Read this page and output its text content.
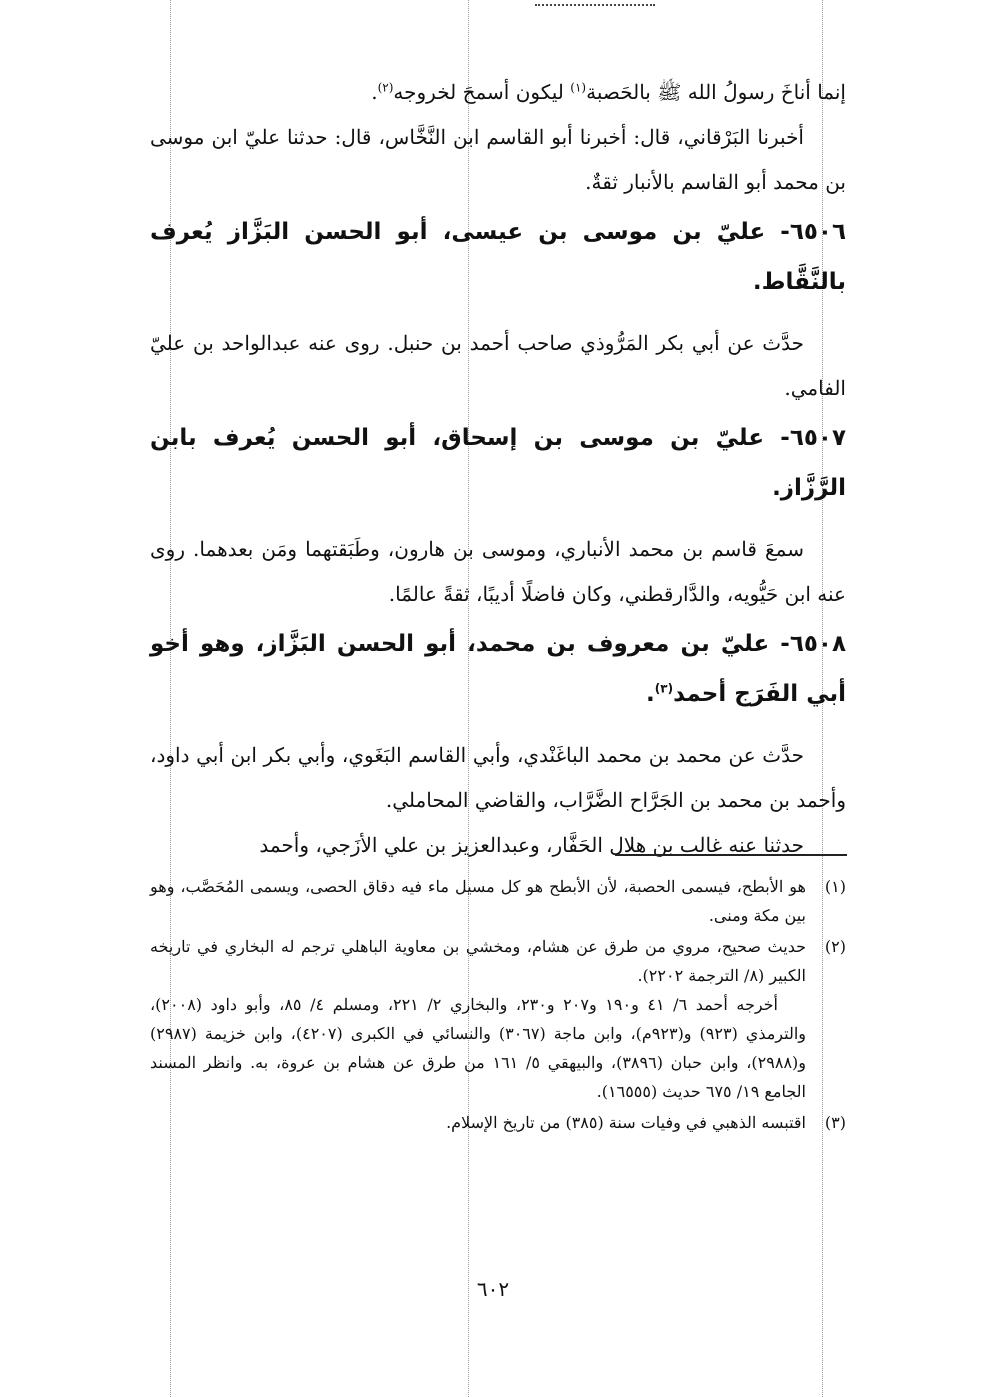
إنما أناخَ رسولُ الله ﷺ بالحَصبة$^{(١)}$ ليكون أسمحَ لخروجه$^{(٢)}$.

أخبرنا البَرْقاني، قال: أخبرنا أبو القاسم ابن النَّخَّاس، قال: حدثنا عليّ ابن موسى بن محمد أبو القاسم بالأنبار ثقةٌ.

٦٥٠٦- عليّ بن موسى بن عيسى، أبو الحسن البَزَّاز يُعرف بالنَّقَّاط.

حدَّث عن أبي بكر المَرُّوذي صاحب أحمد بن حنبل. روى عنه عبدالواحد بن عليّ الفامي.

٦٥٠٧- عليّ بن موسى بن إسحاق، أبو الحسن يُعرف بابن الرَّزَّاز.

سمعَ قاسم بن محمد الأنباري، وموسى بن هارون، وطَبَقتهما ومَن بعدهما. روى عنه ابن حَيُّويه، والدَّارقطني، وكان فاضلًا أديبًا، ثقةً عالمًا.

٦٥٠٨- عليّ بن معروف بن محمد، أبو الحسن البَزَّاز، وهو أخو أبي الفَرَج أحمد$^{(٣)}$.

حدَّث عن محمد بن محمد الباغَنْدي، وأبي القاسم البَغَوي، وأبي بكر ابن أبي داود، وأحمد بن محمد بن الجَرَّاح الضَّرَّاب، والقاضي المحاملي.

حدثنا عنه غالب بن هلال الحَفَّار، وعبدالعزيز بن علي الأزَجي، وأحمد

(١)

هو الأبطح، فيسمى الحصبة، لأن الأبطح هو كل مسيل ماء فيه دقاق الحصى، ويسمى المُحَصَّب، وهو بين مكة ومنى.

(٢)

حديث صحيح، مروي من طرق عن هشام، ومخشي بن معاوية الباهلي ترجم له البخاري في تاريخه الكبير (٨/ الترجمة ٢٢٠٢).

أخرجه أحمد ٦/ ٤١ و١٩٠ و٢٠٧ و٢٣٠، والبخاري ٢/ ٢٢١، ومسلم ٤/ ٨٥، وأبو داود (٢٠٠٨)، والترمذي (٩٢٣) و(٩٢٣م)، وابن ماجة (٣٠٦٧) والنسائي في الكبرى (٤٢٠٧)، وابن خزيمة (٢٩٨٧) و(٢٩٨٨)، وابن حبان (٣٨٩٦)، والبيهقي ٥/ ١٦١ من طرق عن هشام بن عروة، به. وانظر المسند الجامع ١٩/ ٦٧٥ حديث (١٦٥٥٥).

(٣)

اقتبسه الذهبي في وفيات سنة (٣٨٥) من تاريخ الإسلام.

٦٠٢
